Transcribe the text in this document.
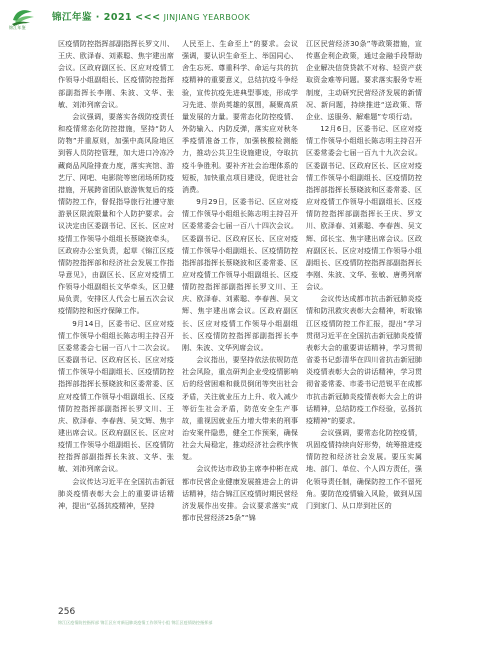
锦江年鉴
锦江年鉴 · 2021 <<< JINJIANG YEARBOOK

区疫情防控指挥部副指挥长罗文川、王庆、欧泽春、刘素聪、焦宇建出席会议。区政府副区长、区应对疫情工作领导小组副组长、区疫情防控指挥部副指挥长李刚、朱波、文华、张敏、刘沛列席会议。

会议强调，要落实各级防疫责任和疫情常态化防控措施，坚持“防人防物”并重原则，加强中高风险地区到蓉人员防控管理，加大进口冷冻冷藏商品风险排查力度，落实宾馆、游艺厅、网吧、电影院等密闭场所防疫措施，开展跨省团队旅游恢复后的疫情防控工作，督促指导旅行社遵守旅游景区限流限量和个人防护要求。会议决定由区委副书记、区长、区应对疫情工作领导小组组长蔡晓波牵头，区政府办公室负责，起草《锦江区疫情防控指挥部和经济社会发展工作指导意见》，由副区长、区应对疫情工作领导小组副组长文华牵头，区卫健局负责，安排区人代会七届五次会议疫情防控和医疗保障工作。

9月14日，区委书记、区应对疫情工作领导小组组长陈志明主持召开区委常委会七届一百八十二次会议。区委副书记、区政府区长、区应对疫情工作领导小组副组长、区疫情防控指挥部指挥长蔡晓波和区委常委、区应对疫情工作领导小组副组长、区疫情防控指挥部副指挥长罗文川、王庆、欧泽春、李春茜、吴文辉、焦宇建出席会议。区政府副区长、区应对疫情工作领导小组副组长、区疫情防控指挥部副指挥长朱波、文华、张敏、刘沛列席会议。

会议传达习近平在全国抗击新冠肺炎疫情表彰大会上的重要讲话精神，提出“弘扬抗疫精神，坚持

人民至上、生命至上”的要求。会议强调，要认识生命至上、举国同心、舍生忘死、尊重科学、命运与共的抗疫精神的重要意义，总结抗疫斗争经验，宣传抗疫先进典型事迹，形成学习先进、崇尚英雄的氛围，凝聚高质量发展的力量。要常态化防控疫情、外防输入、内防反弹，落实应对秋冬季疫情准备工作，加强核酸检测能力，推动公共卫生设施建设，夺取抗疫斗争胜利。要补齐社会治理体系的短板，加快重点项目建设，促进社会消费。

9月29日，区委书记、区应对疫情工作领导小组组长陈志明主持召开区委常委会七届一百八十四次会议。区委副书记、区政府区长、区应对疫情工作领导小组副组长、区疫情防控指挥部指挥长蔡晓波和区委常委、区应对疫情工作领导小组副组长、区疫情防控指挥部副指挥长罗文川、王庆、欧泽春、刘素聪、李春茜、吴文辉、焦宇建出席会议。区政府副区长、区应对疫情工作领导小组副组长、区疫情防控指挥部副指挥长李刚、朱波、文华列席会议。

会议指出，要坚持依法依规防范社会风险，重点研判企业受疫情影响后的经营困难和裁员倒闭等突出社会矛盾，关注就业压力上升、收入减少等衍生社会矛盾，防范安全生产事故，重视因就业压力增大带来的刑事治安案件隐患，健全工作预案，确保社会大局稳定，推动经济社会秩序恢复。

会议传达市政协主席李仲彬在成都市民营企业健康发展推进会上的讲话精神，结合锦江区疫情时期民营经济发展作出安排。会议要求落实“成都市民营经济25条”“锦

江区民营经济30条”等政策措施，宣传惠企利企政策，通过金融手段帮助企业解决信贷贷款不对称、轻资产获取资金难等问题。要求落实服务专班制度，主动研究民营经济发展的新情况、新问题，持续推进“送政策、帮企业、送服务、解难题”专项行动。

12月6日，区委书记、区应对疫情工作领导小组组长陈志明主持召开区委常委会七届一百九十九次会议。区委副书记、区政府区长、区应对疫情工作领导小组副组长、区疫情防控指挥部指挥长蔡晓波和区委常委、区应对疫情工作领导小组副组长、区疫情防控指挥部副指挥长王庆、罗文川、欧泽春、刘素聪、李春茜、吴文辉、邱长宝、焦宇建出席会议。区政府副区长、区应对疫情工作领导小组副组长、区疫情防控指挥部副指挥长李刚、朱波、文华、张敏、唐勇列席会议。

会议传达成都市抗击新冠肺炎疫情和防汛救灾表彰大会精神，听取锦江区疫情防控工作汇报，提出“学习贯彻习近平在全国抗击新冠肺炎疫情表彰大会的重要讲话精神，学习贯彻省委书记彭清华在四川省抗击新冠肺炎疫情表彰大会的讲话精神，学习贯彻省委常委、市委书记范锐平在成都市抗击新冠肺炎疫情表彰大会上的讲话精神，总结防疫工作经验，弘扬抗疫精神”的要求。

会议强调，要常态化防控疫情，巩固疫情持续向好形势，统筹推进疫情防控和经济社会发展。要压实属地、部门、单位、个人四方责任，强化领导责任制，确保防控工作不留死角。要防范疫情输入风险，做到从国门到家门、从口岸到社区的

256
锦江区疫情防控指挥部 锦江区应对新冠肺炎疫情工作领导小组 锦江区疫情防控指挥部
